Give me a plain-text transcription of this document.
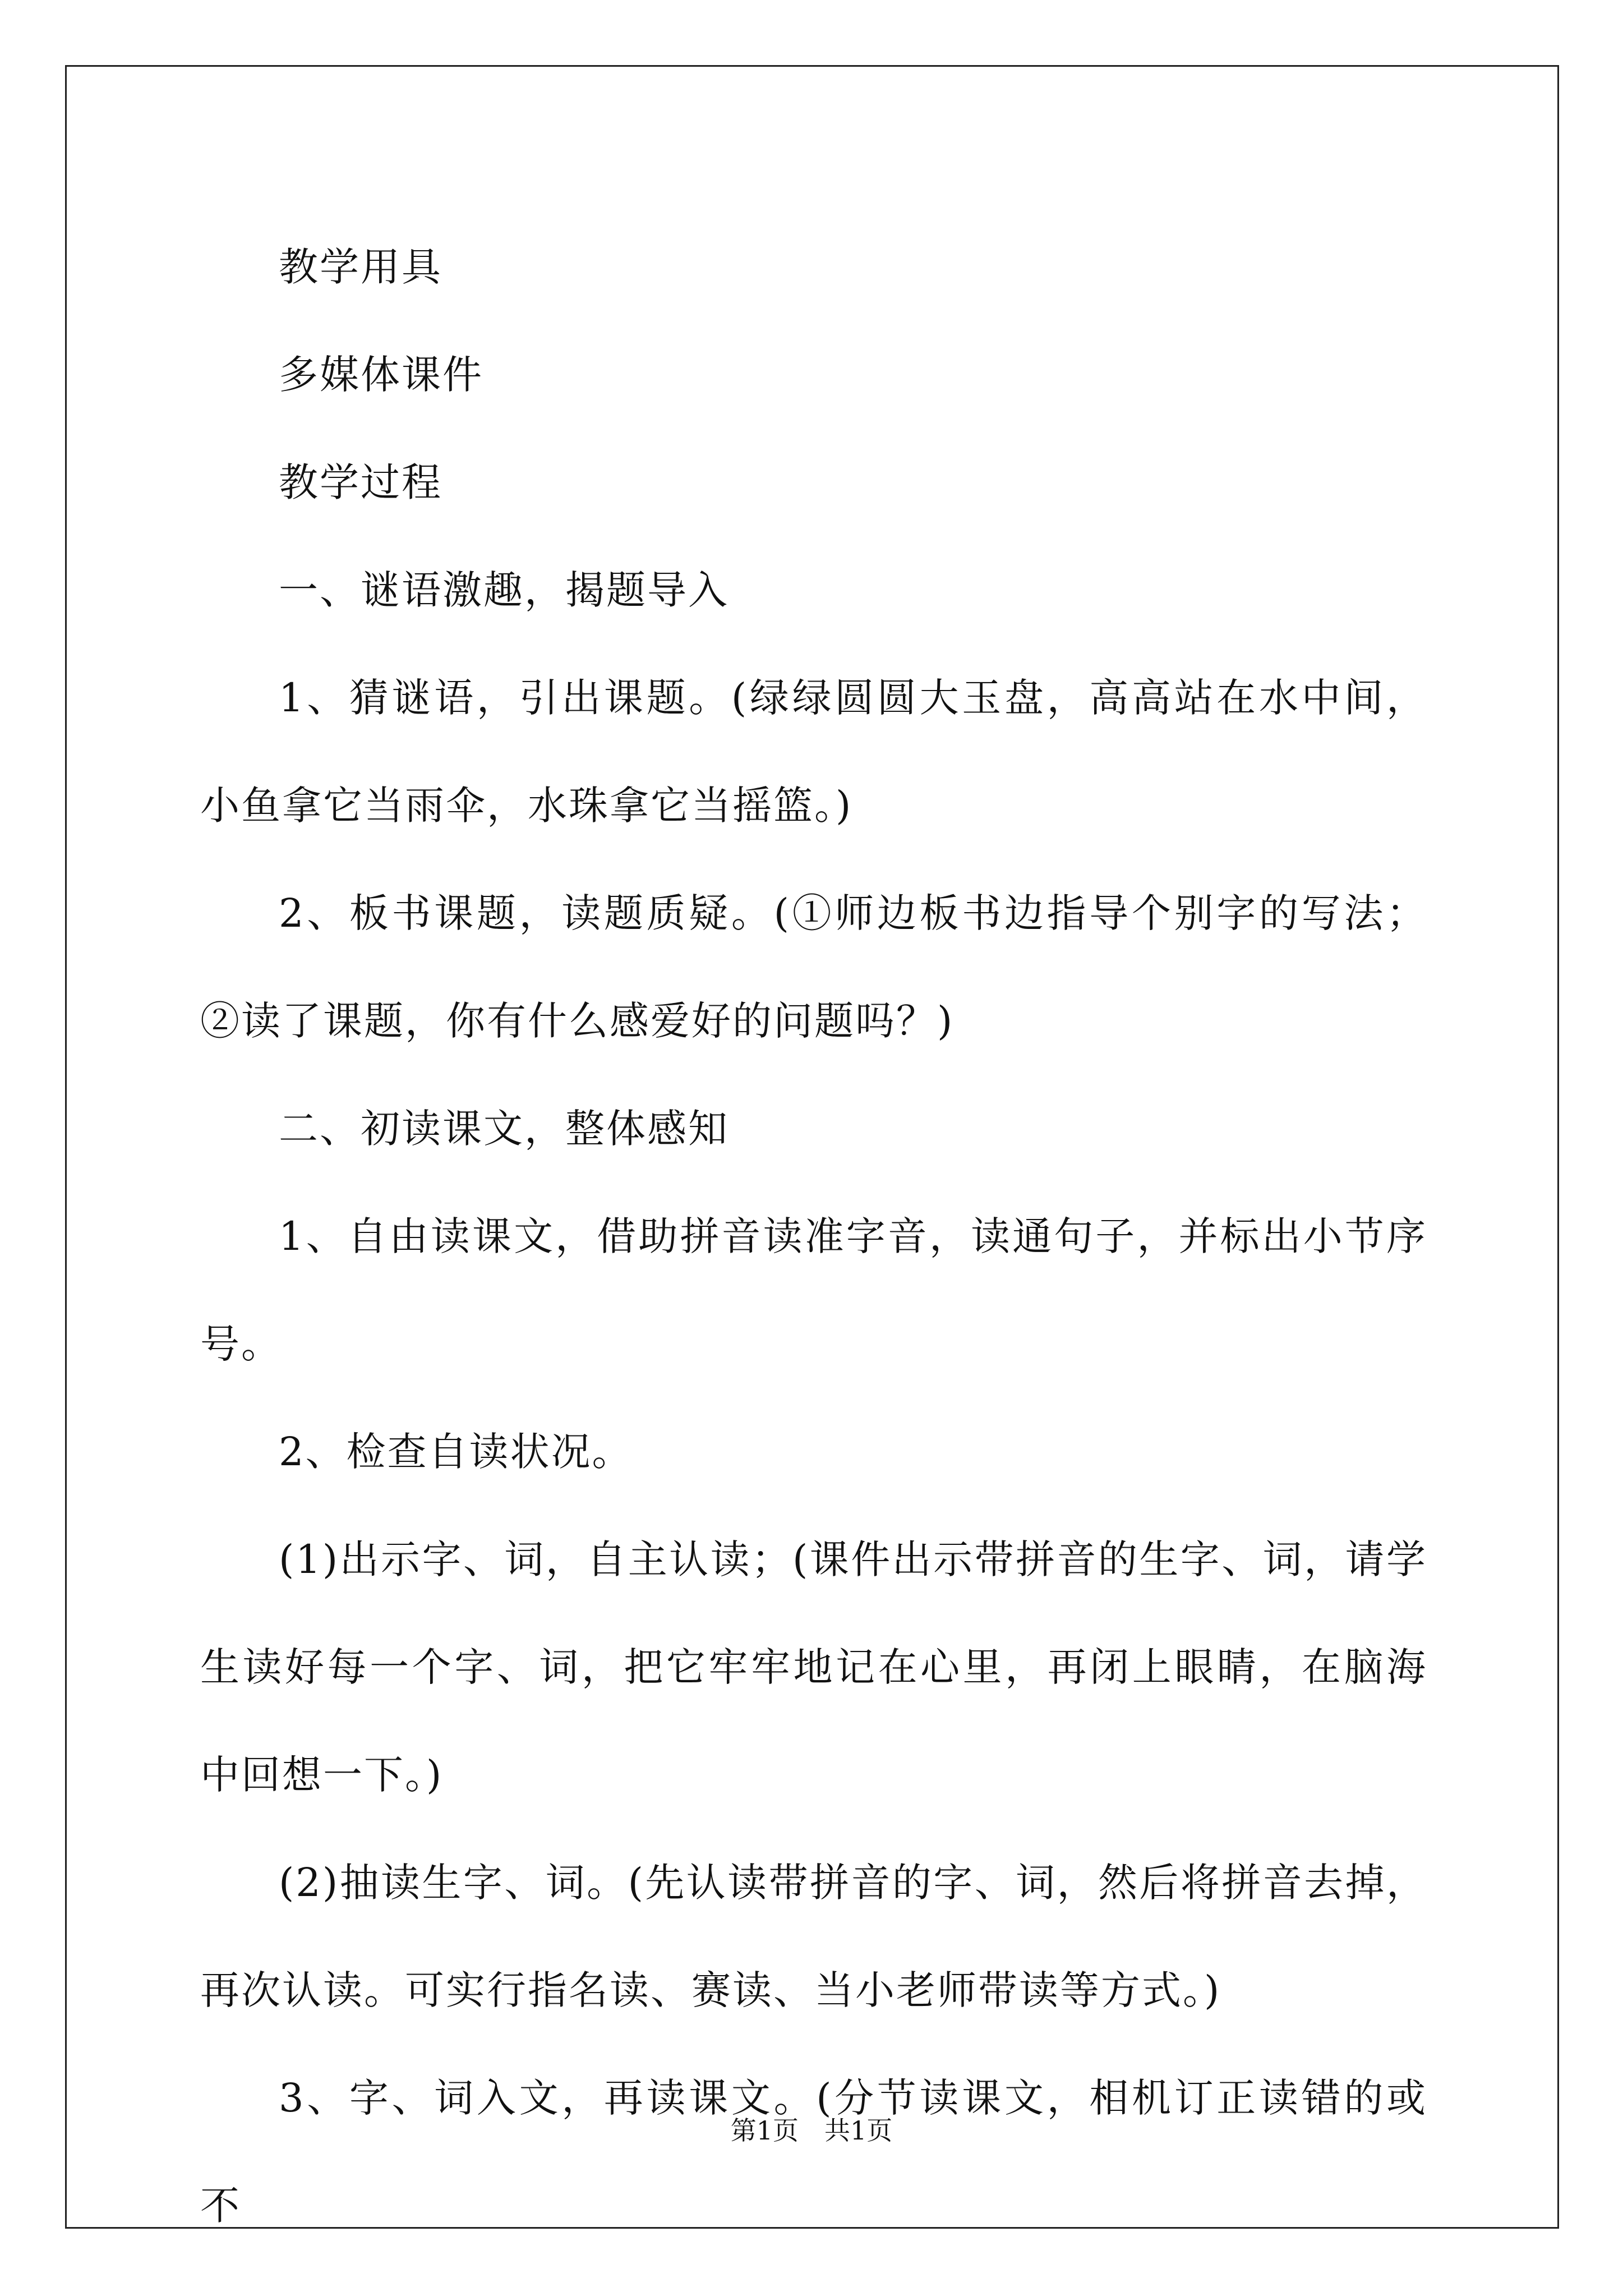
教学用具

多媒体课件

教学过程

一、谜语激趣，揭题导入

1、猜谜语，引出课题。(绿绿圆圆大玉盘，高高站在水中间，小鱼拿它当雨伞，水珠拿它当摇篮。)

2、板书课题，读题质疑。(①师边板书边指导个别字的写法；②读了课题，你有什么感爱好的问题吗？)

二、初读课文，整体感知

1、自由读课文，借助拼音读准字音，读通句子，并标出小节序号。

2、检查自读状况。

(1)出示字、词，自主认读；(课件出示带拼音的生字、词，请学生读好每一个字、词，把它牢牢地记在心里，再闭上眼睛，在脑海中回想一下。)

(2)抽读生字、词。(先认读带拼音的字、词，然后将拼音去掉，再次认读。可实行指名读、赛读、当小老师带读等方式。)

3、字、词入文，再读课文。(分节读课文，相机订正读错的或不

第1页　共1页
